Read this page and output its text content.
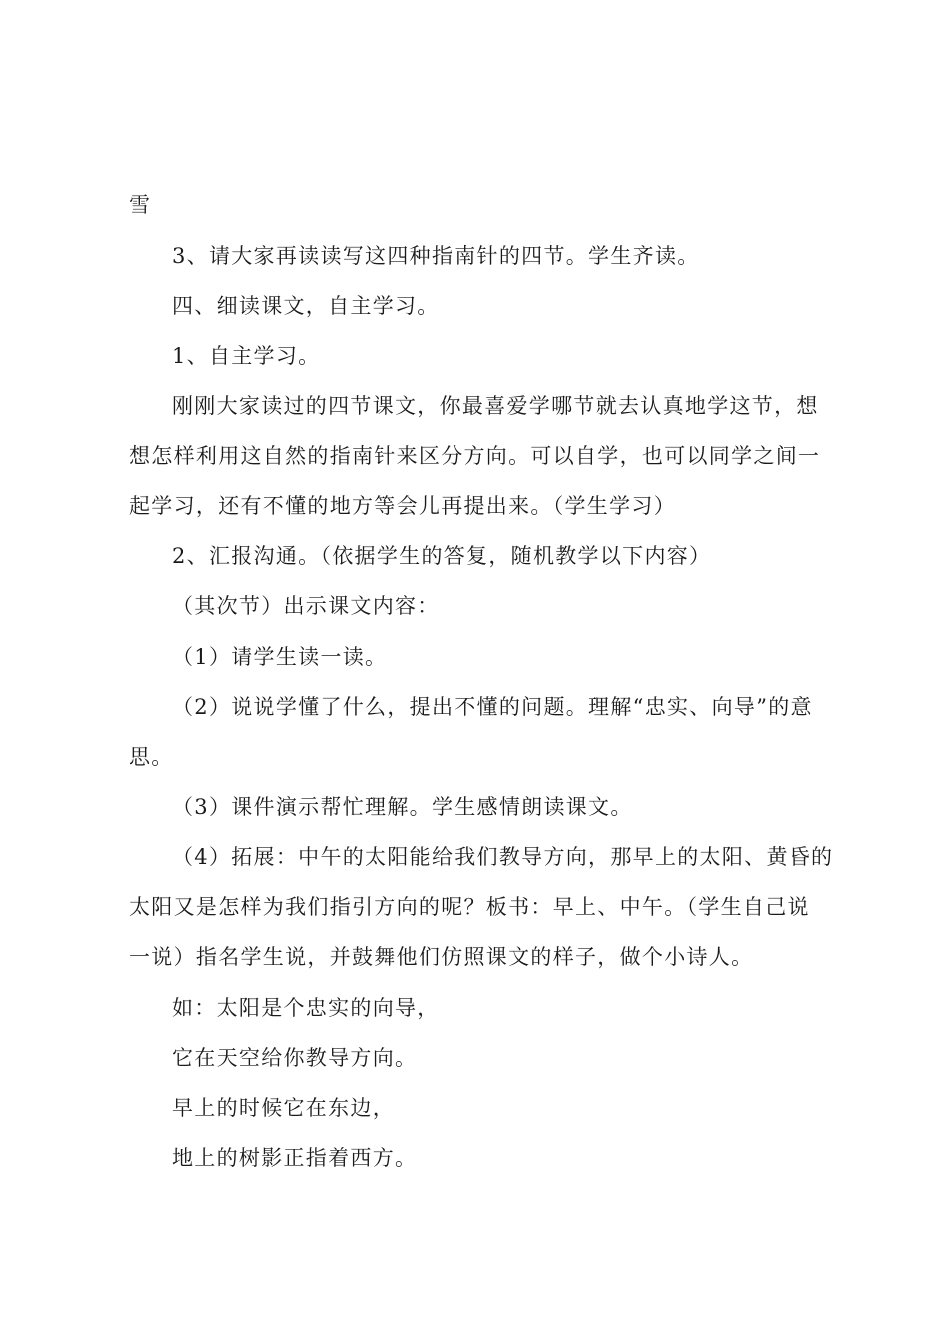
雪
3、请大家再读读写这四种指南针的四节。学生齐读。
四、细读课文，自主学习。
1、自主学习。
刚刚大家读过的四节课文，你最喜爱学哪节就去认真地学这节，想
想怎样利用这自然的指南针来区分方向。可以自学，也可以同学之间一
起学习，还有不懂的地方等会儿再提出来。（学生学习）
2、汇报沟通。（依据学生的答复，随机教学以下内容）
（其次节）出示课文内容：
（1）请学生读一读。
（2）说说学懂了什么，提出不懂的问题。理解“忠实、向导”的意
思。
（3）课件演示帮忙理解。学生感情朗读课文。
（4）拓展：中午的太阳能给我们教导方向，那早上的太阳、黄昏的
太阳又是怎样为我们指引方向的呢？板书：早上、中午。（学生自己说
一说）指名学生说，并鼓舞他们仿照课文的样子，做个小诗人。
如：太阳是个忠实的向导，
它在天空给你教导方向。
早上的时候它在东边，
地上的树影正指着西方。
